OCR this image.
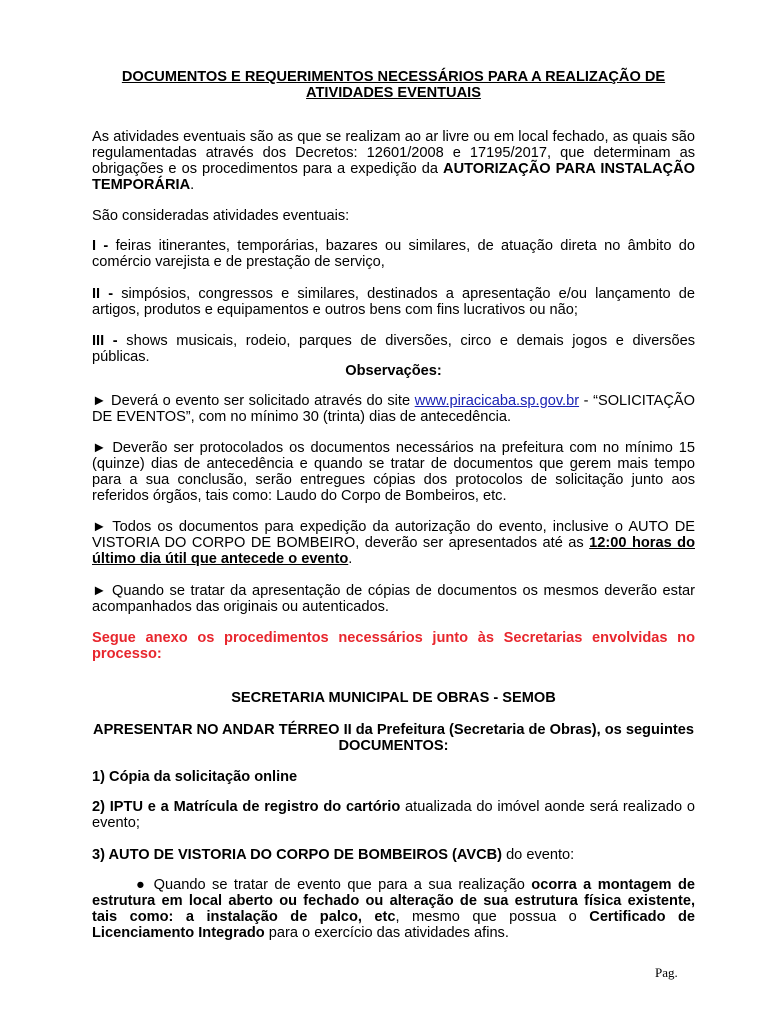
DOCUMENTOS E REQUERIMENTOS NECESSÁRIOS PARA A REALIZAÇÃO DE
ATIVIDADES EVENTUAIS

As atividades eventuais são as que se realizam ao ar livre ou em local fechado, as quais são regulamentadas através dos Decretos: 12601/2008 e 17195/2017, que determinam as obrigações e os procedimentos para a expedição da AUTORIZAÇÃO PARA INSTALAÇÃO TEMPORÁRIA.

São consideradas atividades eventuais:

I - feiras itinerantes, temporárias, bazares ou similares, de atuação direta no âmbito do comércio varejista e de prestação de serviço,

II - simpósios, congressos e similares, destinados a apresentação e/ou lançamento de artigos, produtos e equipamentos e outros bens com fins lucrativos ou não;

III - shows musicais, rodeio, parques de diversões, circo e demais jogos e diversões públicas.

Observações:

► Deverá o evento ser solicitado através do site www.piracicaba.sp.gov.br - “SOLICITAÇÃO DE EVENTOS”, com no mínimo 30 (trinta) dias de antecedência.

► Deverão ser protocolados os documentos necessários na prefeitura com no mínimo 15 (quinze) dias de antecedência e quando se tratar de documentos que gerem mais tempo para a sua conclusão, serão entregues cópias dos protocolos de solicitação junto aos referidos órgãos, tais como: Laudo do Corpo de Bombeiros, etc.

► Todos os documentos para expedição da autorização do evento, inclusive o AUTO DE VISTORIA DO CORPO DE BOMBEIRO, deverão ser apresentados até as 12:00 horas do último dia útil que antecede o evento.

► Quando se tratar da apresentação de cópias de documentos os mesmos deverão estar acompanhados das originais ou autenticados.

Segue anexo os procedimentos necessários junto às Secretarias envolvidas no processo:

SECRETARIA MUNICIPAL DE OBRAS - SEMOB

APRESENTAR NO ANDAR TÉRREO II da Prefeitura (Secretaria de Obras), os seguintes
DOCUMENTOS:

1) Cópia da solicitação online

2) IPTU e a Matrícula de registro do cartório atualizada do imóvel aonde será realizado o evento;

3) AUTO DE VISTORIA DO CORPO DE BOMBEIROS (AVCB) do evento:

● Quando se tratar de evento que para a sua realização ocorra a montagem de estrutura em local aberto ou fechado ou alteração de sua estrutura física existente, tais como: a instalação de palco, etc, mesmo que possua o Certificado de Licenciamento Integrado para o exercício das atividades afins.

Pag.
